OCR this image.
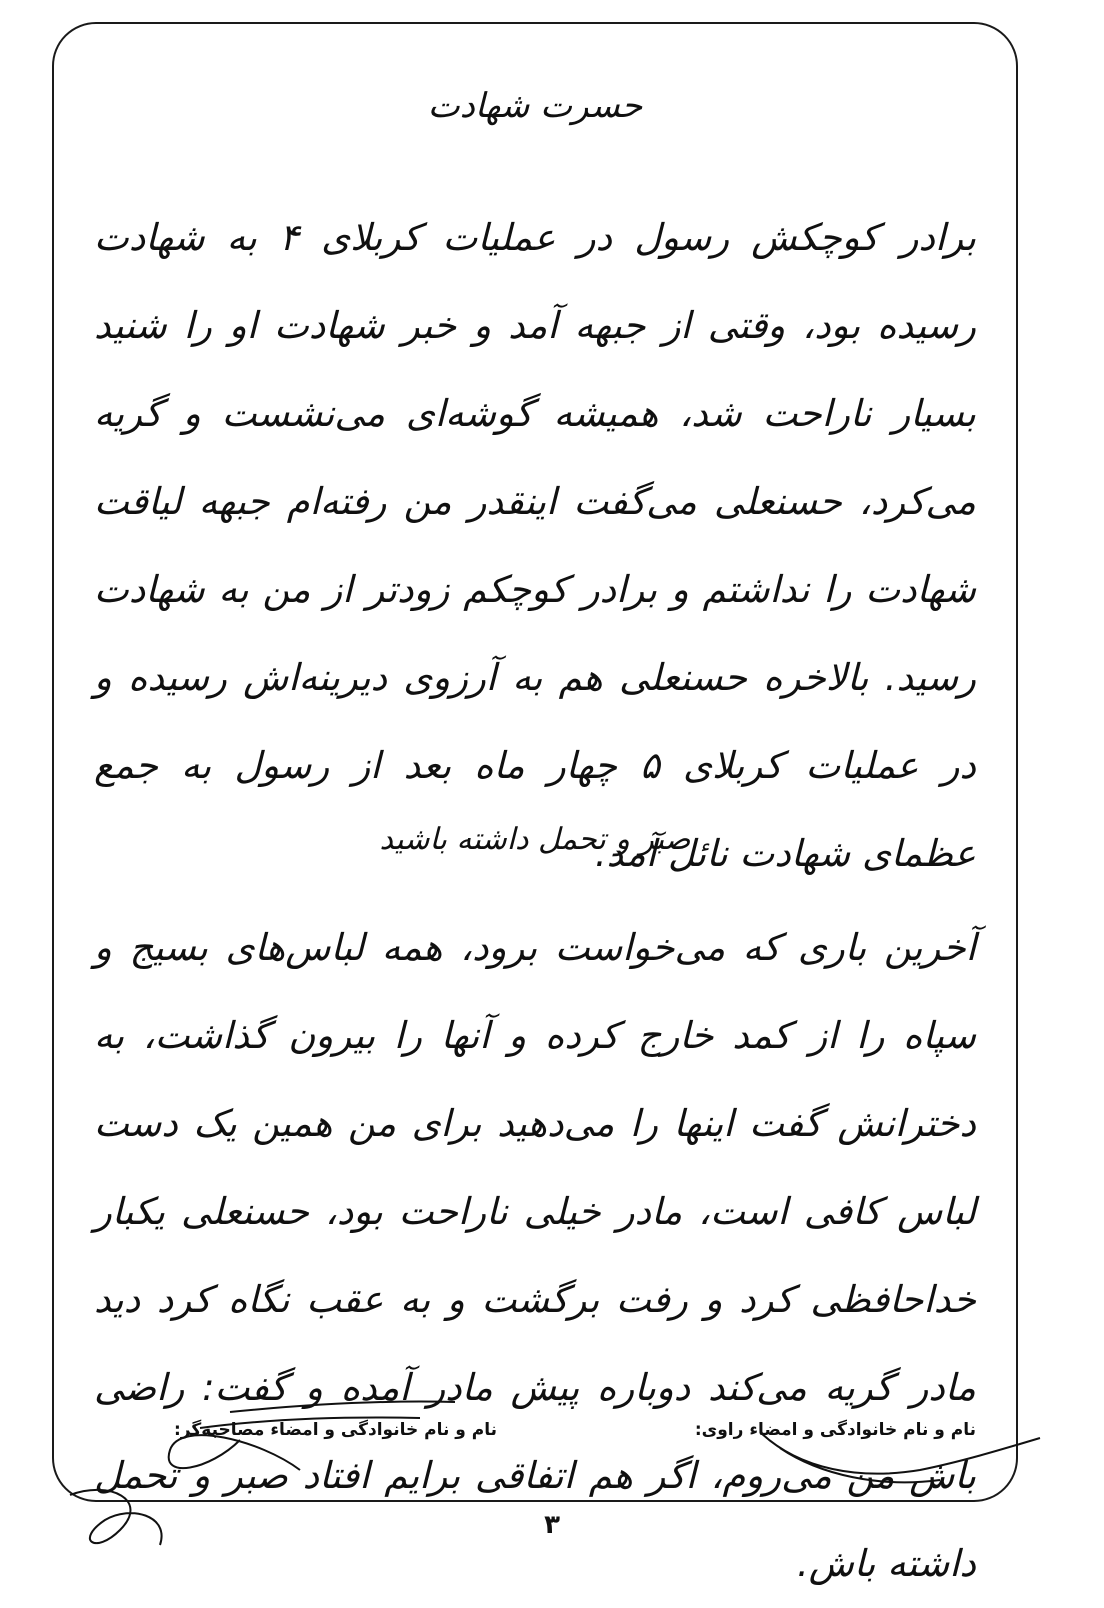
حسرت شهادت

برادر کوچکش رسول در عملیات کربلای ۴ به شهادت رسیده بود، وقتی از جبهه آمد و خبر شهادت او را شنید بسیار ناراحت شد، همیشه گوشه‌ای می‌نشست و گریه می‌کرد، حسنعلی می‌گفت اینقدر من رفته‌ام جبهه لیاقت شهادت را نداشتم و برادر کوچکم زودتر از من به شهادت رسید. بالاخره حسنعلی هم به آرزوی دیرینه‌اش رسیده و در عملیات کربلای ۵ چهار ماه بعد از رسول به جمع عظمای شهادت نائل آمد.

صبر و تحمل داشته باشید

آخرین باری که می‌خواست برود، همه لباس‌های بسیج و سپاه را از کمد خارج کرده و آنها را بیرون گذاشت، به دخترانش گفت اینها را می‌دهید برای من همین یک دست لباس کافی است، مادر خیلی ناراحت بود، حسنعلی یکبار خداحافظی کرد و رفت برگشت و به عقب نگاه کرد دید مادر گریه می‌کند دوباره پیش مادر آمده و گفت: راضی باش من می‌روم، اگر هم اتفاقی برایم افتاد صبر و تحمل داشته باش.

نام و نام خانوادگی و امضاء راوی:
نام و نام خانوادگی و امضاء مصاحبه‌گر:
۳
